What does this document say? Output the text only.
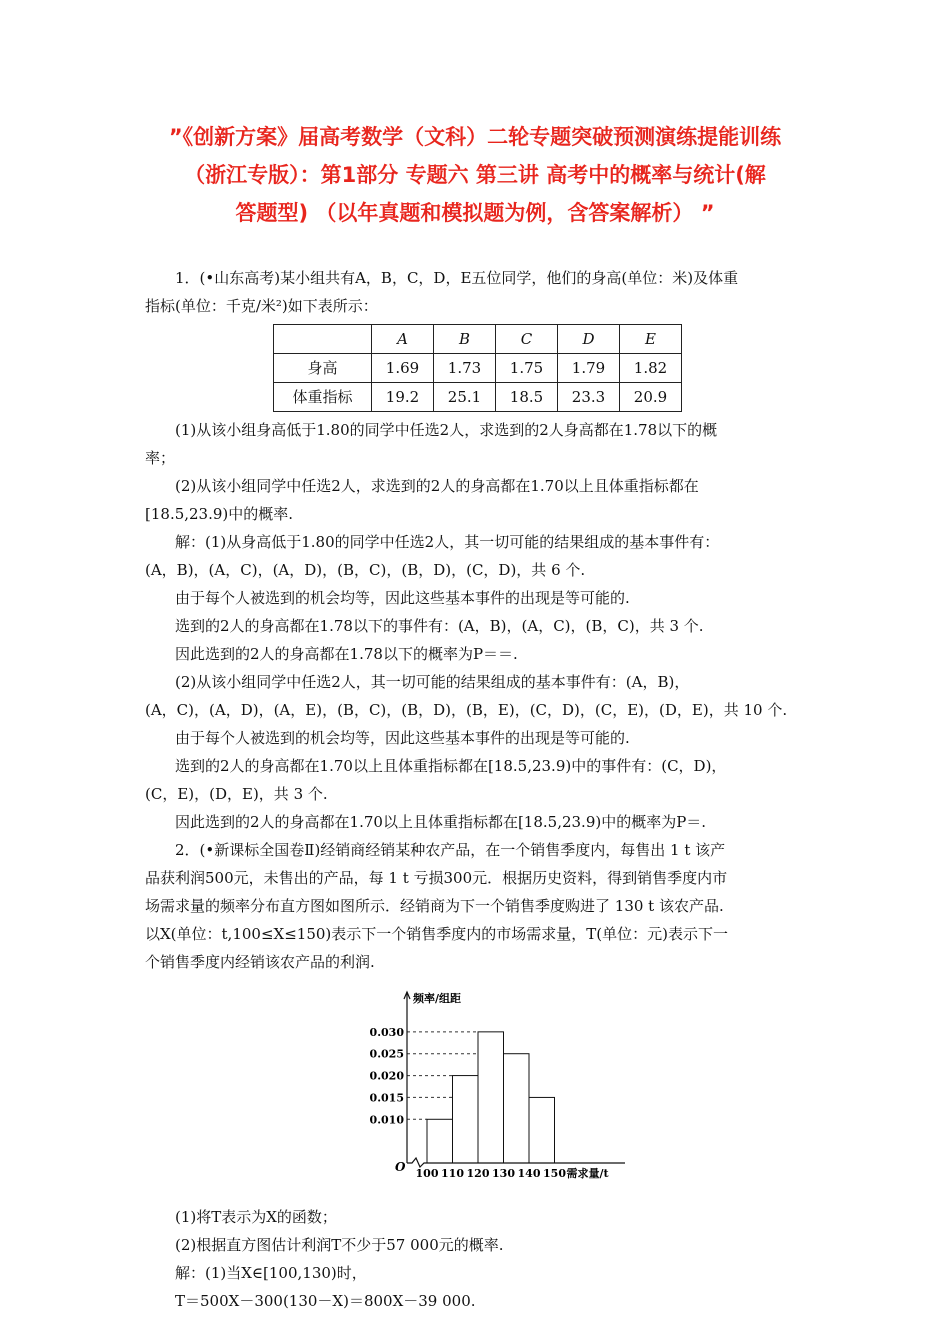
”《创新方案》届高考数学（文科）二轮专题突破预测演练提能训练
（浙江专版）：第1部分 专题六 第三讲 高考中的概率与统计(解
答题型) （以年真题和模拟题为例，含答案解析） ”
1．(•山东高考)某小组共有A，B，C，D，E五位同学，他们的身高(单位：米)及体重
指标(单位：千克/米²)如下表所示：
	A	B	C	D	E
身高	1.69	1.73	1.75	1.79	1.82
体重指标	19.2	25.1	18.5	23.3	20.9
(1)从该小组身高低于1.80的同学中任选2人，求选到的2人身高都在1.78以下的概
率；
(2)从该小组同学中任选2人，求选到的2人的身高都在1.70以上且体重指标都在
[18.5,23.9)中的概率.
解：(1)从身高低于1.80的同学中任选2人，其一切可能的结果组成的基本事件有：
(A，B)，(A，C)，(A，D)，(B，C)，(B，D)，(C，D)，共 6 个.
由于每个人被选到的机会均等，因此这些基本事件的出现是等可能的.
选到的2人的身高都在1.78以下的事件有：(A，B)，(A，C)，(B，C)，共 3 个.
因此选到的2人的身高都在1.78以下的概率为P＝＝.
(2)从该小组同学中任选2人，其一切可能的结果组成的基本事件有：(A，B)，
(A，C)，(A，D)，(A，E)，(B，C)，(B，D)，(B，E)，(C，D)，(C，E)，(D，E)，共 10 个.
由于每个人被选到的机会均等，因此这些基本事件的出现是等可能的.
选到的2人的身高都在1.70以上且体重指标都在[18.5,23.9)中的事件有：(C，D)，
(C，E)，(D，E)，共 3 个.
因此选到的2人的身高都在1.70以上且体重指标都在[18.5,23.9)中的概率为P＝.
2．(•新课标全国卷Ⅱ)经销商经销某种农产品，在一个销售季度内，每售出 1 t 该产
品获利润500元，未售出的产品，每 1 t 亏损300元．根据历史资料，得到销售季度内市
场需求量的频率分布直方图如图所示．经销商为下一个销售季度购进了 130 t 该农产品.
以X(单位：t,100≤X≤150)表示下一个销售季度内的市场需求量，T(单位：元)表示下一
个销售季度内经销该农产品的利润.
0.030
0.025
0.020
0.015
0.010
100 110 120 130 140 150
频率/组距
需求量/t
O
(1)将T表示为X的函数；
(2)根据直方图估计利润T不少于57 000元的概率.
解：(1)当X∈[100,130)时，
T＝500X－300(130－X)＝800X－39 000.
